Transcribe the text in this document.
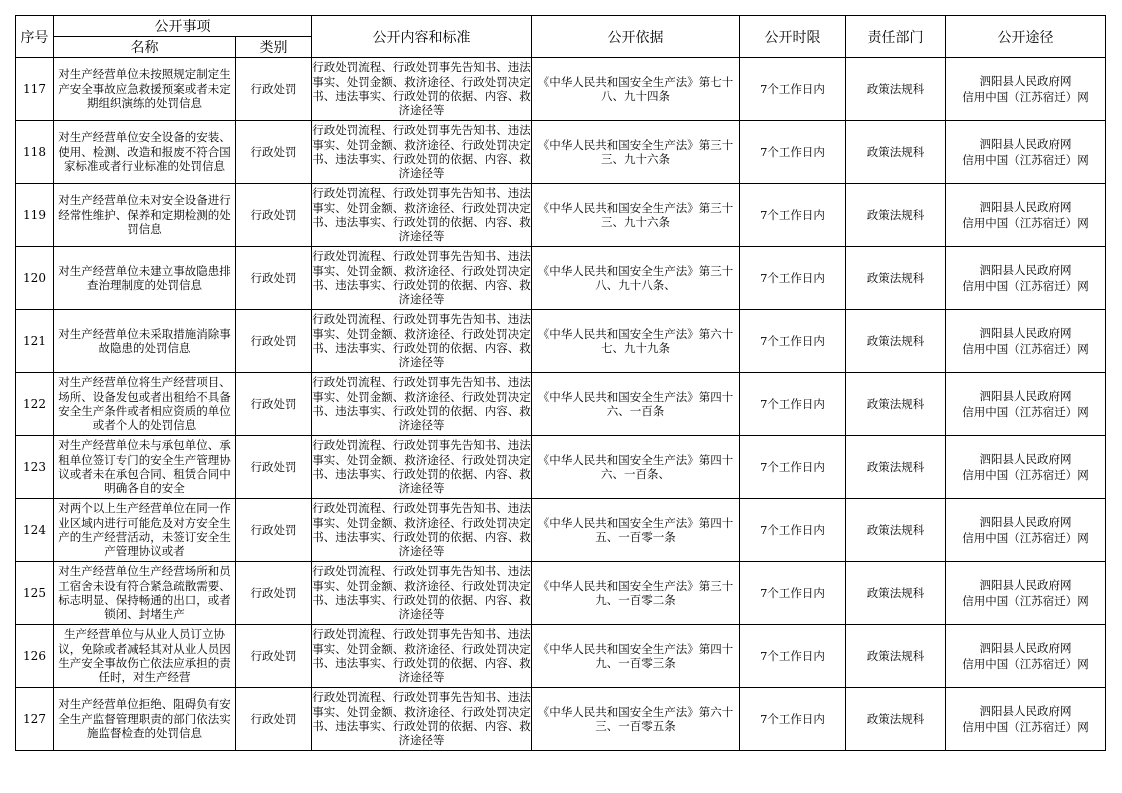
序号	公开事项		公开内容和标准	公开依据	公开时限	责任部门	公开途径
	名称	类别					
117	对生产经营单位未按照规定制定生产安全事故应急救援预案或者未定期组织演练的处罚信息	行政处罚	行政处罚流程、行政处罚事先告知书、违法事实、处罚金额、救济途径、行政处罚决定书、违法事实、行政处罚的依据、内容、救济途径等	《中华人民共和国安全生产法》第七十八、九十四条	7个工作日内	政策法规科	泗阳县人民政府网
信用中国（江苏宿迁）网

118	对生产经营单位安全设备的安装、使用、检测、改造和报废不符合国家标准或者行业标准的处罚信息	行政处罚	行政处罚流程、行政处罚事先告知书、违法事实、处罚金额、救济途径、行政处罚决定书、违法事实、行政处罚的依据、内容、救济途径等	《中华人民共和国安全生产法》第三十三、九十六条	7个工作日内	政策法规科	泗阳县人民政府网
信用中国（江苏宿迁）网

119	对生产经营单位未对安全设备进行经常性维护、保养和定期检测的处罚信息	行政处罚	行政处罚流程、行政处罚事先告知书、违法事实、处罚金额、救济途径、行政处罚决定书、违法事实、行政处罚的依据、内容、救济途径等	《中华人民共和国安全生产法》第三十三、九十六条	7个工作日内	政策法规科	泗阳县人民政府网
信用中国（江苏宿迁）网

120	对生产经营单位未建立事故隐患排查治理制度的处罚信息	行政处罚	行政处罚流程、行政处罚事先告知书、违法事实、处罚金额、救济途径、行政处罚决定书、违法事实、行政处罚的依据、内容、救济途径等	《中华人民共和国安全生产法》第三十八、九十八条、	7个工作日内	政策法规科	泗阳县人民政府网
信用中国（江苏宿迁）网

121	对生产经营单位未采取措施消除事故隐患的处罚信息	行政处罚	行政处罚流程、行政处罚事先告知书、违法事实、处罚金额、救济途径、行政处罚决定书、违法事实、行政处罚的依据、内容、救济途径等	《中华人民共和国安全生产法》第六十七、九十九条	7个工作日内	政策法规科	泗阳县人民政府网
信用中国（江苏宿迁）网

122	对生产经营单位将生产经营项目、场所、设备发包或者出租给不具备安全生产条件或者相应资质的单位或者个人的处罚信息	行政处罚	行政处罚流程、行政处罚事先告知书、违法事实、处罚金额、救济途径、行政处罚决定书、违法事实、行政处罚的依据、内容、救济途径等	《中华人民共和国安全生产法》第四十六、一百条	7个工作日内	政策法规科	泗阳县人民政府网
信用中国（江苏宿迁）网

123	对生产经营单位未与承包单位、承租单位签订专门的安全生产管理协议或者未在承包合同、租赁合同中明确各自的安全	行政处罚	行政处罚流程、行政处罚事先告知书、违法事实、处罚金额、救济途径、行政处罚决定书、违法事实、行政处罚的依据、内容、救济途径等	《中华人民共和国安全生产法》第四十六、一百条、	7个工作日内	政策法规科	泗阳县人民政府网
信用中国（江苏宿迁）网

124	对两个以上生产经营单位在同一作业区域内进行可能危及对方安全生产的生产经营活动，未签订安全生产管理协议或者	行政处罚	行政处罚流程、行政处罚事先告知书、违法事实、处罚金额、救济途径、行政处罚决定书、违法事实、行政处罚的依据、内容、救济途径等	《中华人民共和国安全生产法》第四十五、一百零一条	7个工作日内	政策法规科	泗阳县人民政府网
信用中国（江苏宿迁）网

125	对生产经营单位生产经营场所和员工宿舍未设有符合紧急疏散需要、标志明显、保持畅通的出口，或者锁闭、封堵生产	行政处罚	行政处罚流程、行政处罚事先告知书、违法事实、处罚金额、救济途径、行政处罚决定书、违法事实、行政处罚的依据、内容、救济途径等	《中华人民共和国安全生产法》第三十九、一百零二条	7个工作日内	政策法规科	泗阳县人民政府网
信用中国（江苏宿迁）网

126	生产经营单位与从业人员订立协议，免除或者减轻其对从业人员因生产安全事故伤亡依法应承担的责任时，对生产经营	行政处罚	行政处罚流程、行政处罚事先告知书、违法事实、处罚金额、救济途径、行政处罚决定书、违法事实、行政处罚的依据、内容、救济途径等	《中华人民共和国安全生产法》第四十九、一百零三条	7个工作日内	政策法规科	泗阳县人民政府网
信用中国（江苏宿迁）网

127	对生产经营单位拒绝、阻碍负有安全生产监督管理职责的部门依法实施监督检查的处罚信息	行政处罚	行政处罚流程、行政处罚事先告知书、违法事实、处罚金额、救济途径、行政处罚决定书、违法事实、行政处罚的依据、内容、救济途径等	《中华人民共和国安全生产法》第六十三、一百零五条	7个工作日内	政策法规科	泗阳县人民政府网
信用中国（江苏宿迁）网
